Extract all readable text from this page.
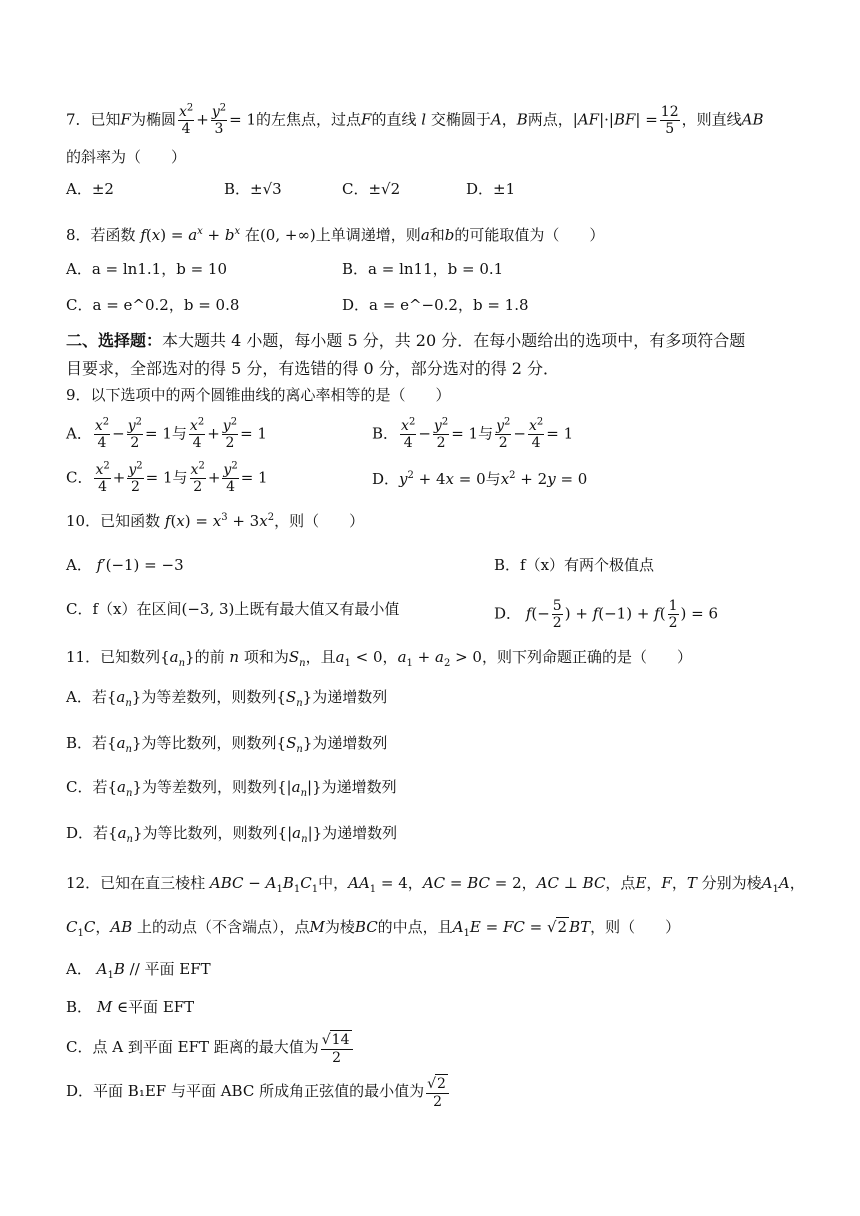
7．已知F为椭圆 $\frac{x^2}{4} + \frac{y^2}{3} = 1$的左焦点，过点F的直线 l 交椭圆于A，B两点，$|AF|\cdot|BF| = \frac{12}{5}$ ，则直线AB
的斜率为（　　）
A．±2	B．±√3	C．±√2	D．±1
8．若函数 $f(x) = a^x + b^x$ 在(0, +∞)上单调递增，则a和b的可能取值为（　　）
A．a = ln1.1，b = 10	B．a = ln11，b = 0.1
C．a = e^0.2，b = 0.8	D．a = e^−0.2，b = 1.8
二、选择题：本大题共 4 小题，每小题 5 分，共 20 分．在每小题给出的选项中，有多项符合题
目要求，全部选对的得 5 分，有选错的得 0 分，部分选对的得 2 分．
9．以下选项中的两个圆锥曲线的离心率相等的是（　　）
A． $\frac{x^2}{4} - \frac{y^2}{2} = 1$与 $\frac{x^2}{4} + \frac{y^2}{2} = 1$	B． $\frac{x^2}{4} - \frac{y^2}{2} = 1$与 $\frac{y^2}{2} - \frac{x^2}{4} = 1$
C． $\frac{x^2}{4} + \frac{y^2}{2} = 1$与 $\frac{x^2}{2} + \frac{y^2}{4} = 1$	D．$y^2 + 4x = 0$与$x^2 + 2y = 0$
10．已知函数 $f(x) = x^3 + 3x^2$，则（　　）
A． f′(−1) = −3	B．f（x）有两个极值点
C．f（x）在区间(−3, 3)上既有最大值又有最小值	D． $f(- \frac{5}{2}$ ) + $f(-1) + f( \frac{1}{2}$ ) = 6
11．已知数列$\{a_n\}$的前 n 项和为$S_n$，且$a_1 < 0$，$a_1 + a_2 > 0$，则下列命题正确的是（　　）
A．若$\{a_n\}$为等差数列，则数列$\{S_n\}$为递增数列
B．若$\{a_n\}$为等比数列，则数列$\{S_n\}$为递增数列
C．若$\{a_n\}$为等差数列，则数列$\{|a_n|\}$为递增数列
D．若$\{a_n\}$为等比数列，则数列$\{|a_n|\}$为递增数列
12．已知在直三棱柱 ABC − $A_1B_1C_1$中，$AA_1 = 4$，AC = BC = 2，AC ⊥ BC，点E，F，T 分别为棱$A_1A$，
$C_1C$，AB 上的动点（不含端点），点M为棱BC的中点，且$A_1E$ = FC = √2 BT，则（　　）
A． $A_1B$ // 平面 EFT
B． M ∈平面 EFT
C．点 A 到平面 EFT 距离的最大值为 $\frac{√14}{2}$
D．平面 B₁EF 与平面 ABC 所成角正弦值的最小值为 $\frac{√2}{2}$
